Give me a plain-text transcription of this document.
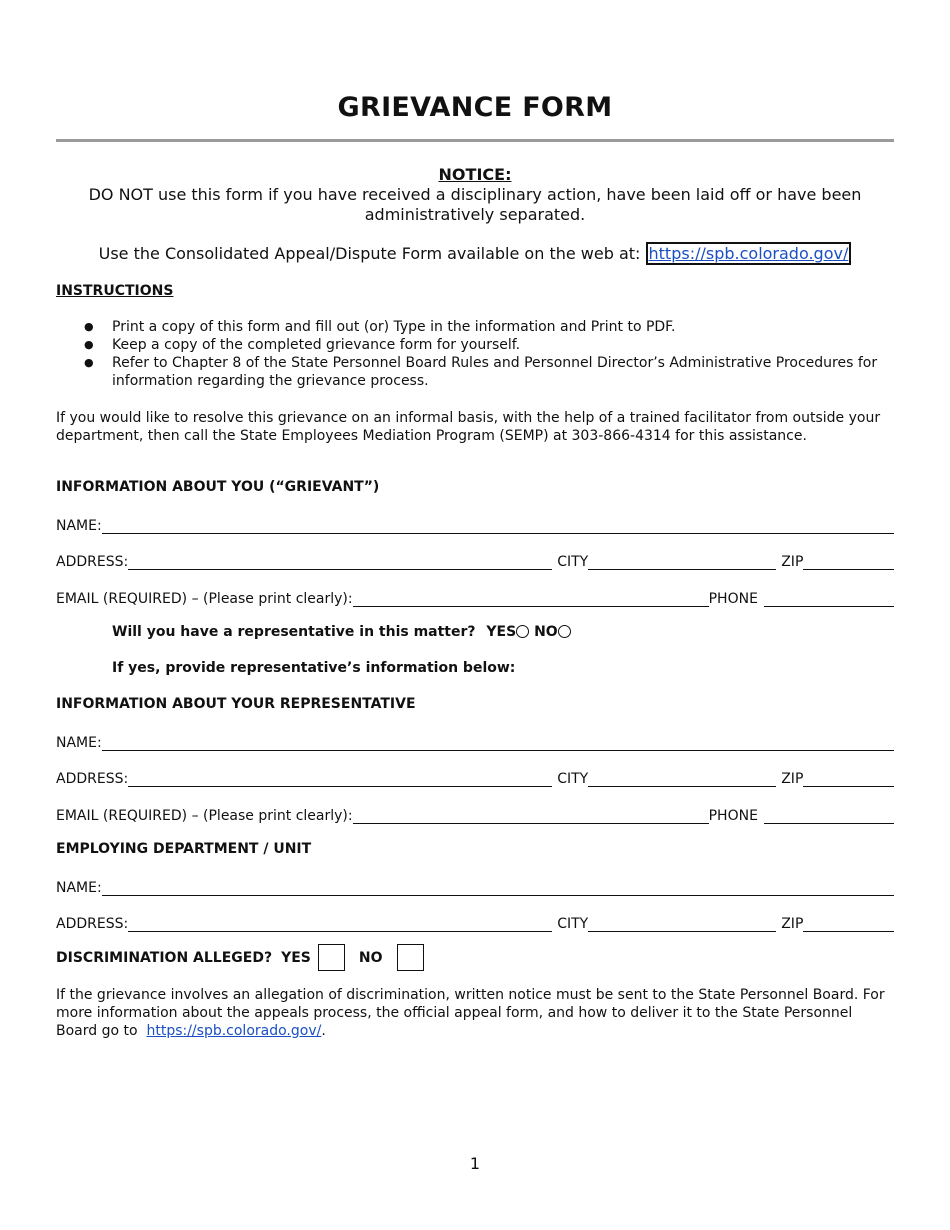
GRIEVANCE FORM
NOTICE:
DO NOT use this form if you have received a disciplinary action, have been laid off or have been
administratively separated.
Use the Consolidated Appeal/Dispute Form available on the web at: https://spb.colorado.gov/
INSTRUCTIONS
● Print a copy of this form and fill out (or) Type in the information and Print to PDF.
● Keep a copy of the completed grievance form for yourself.
● Refer to Chapter 8 of the State Personnel Board Rules and Personnel Director’s Administrative Procedures for information regarding the grievance process.
If you would like to resolve this grievance on an informal basis, with the help of a trained facilitator from outside your department, then call the State Employees Mediation Program (SEMP) at 303-866-4314 for this assistance.
INFORMATION ABOUT YOU (“GRIEVANT”)
NAME:
ADDRESS:	CITY	ZIP
EMAIL (REQUIRED) – (Please print clearly):	PHONE
Will you have a representative in this matter? YES NO
If yes, provide representative’s information below:
INFORMATION ABOUT YOUR REPRESENTATIVE
NAME:
ADDRESS:	CITY	ZIP
EMAIL (REQUIRED) – (Please print clearly):	PHONE
EMPLOYING DEPARTMENT / UNIT
NAME:
ADDRESS:	CITY	ZIP
DISCRIMINATION ALLEGED? YES	NO
If the grievance involves an allegation of discrimination, written notice must be sent to the State Personnel Board. For more information about the appeals process, the official appeal form, and how to deliver it to the State Personnel Board go to https://spb.colorado.gov/.
1
